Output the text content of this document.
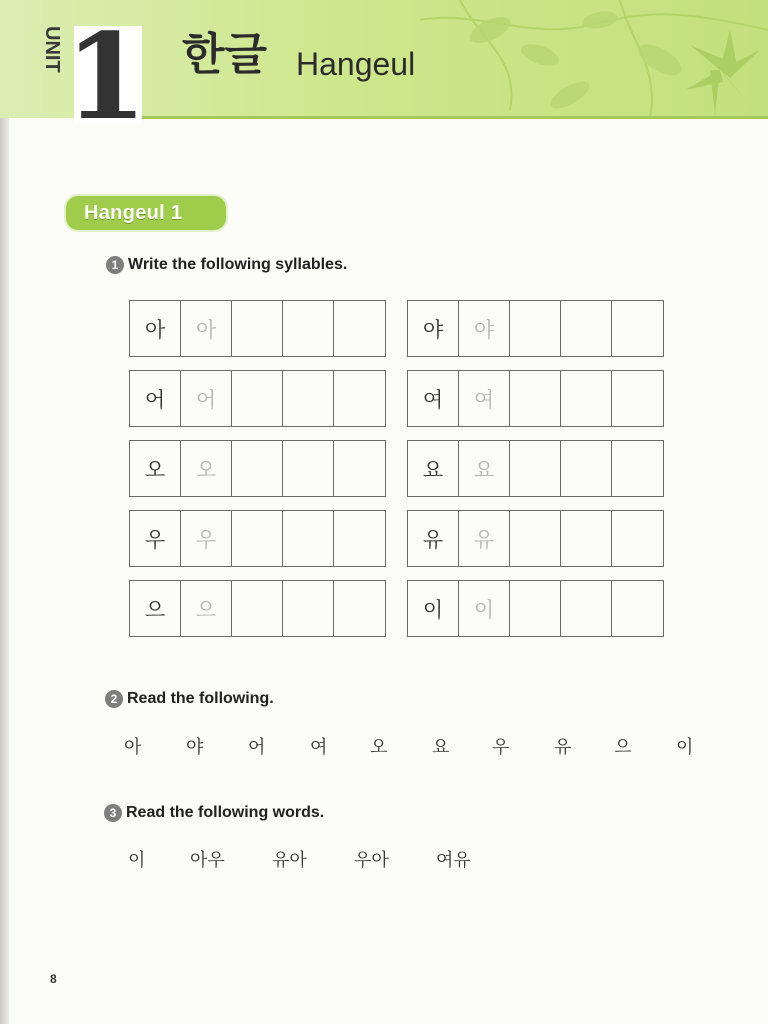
UNIT 1 한글 Hangeul
Hangeul 1
1 Write the following syllables.
아	아
어	어
오	오
우	우
으	으
야	야
여	여
요	요
유	유
이	이
2 Read the following.
아 야 어 여 오 요 우 유 으 이
3 Read the following words.
이 아우	유아	우아	여유
8
